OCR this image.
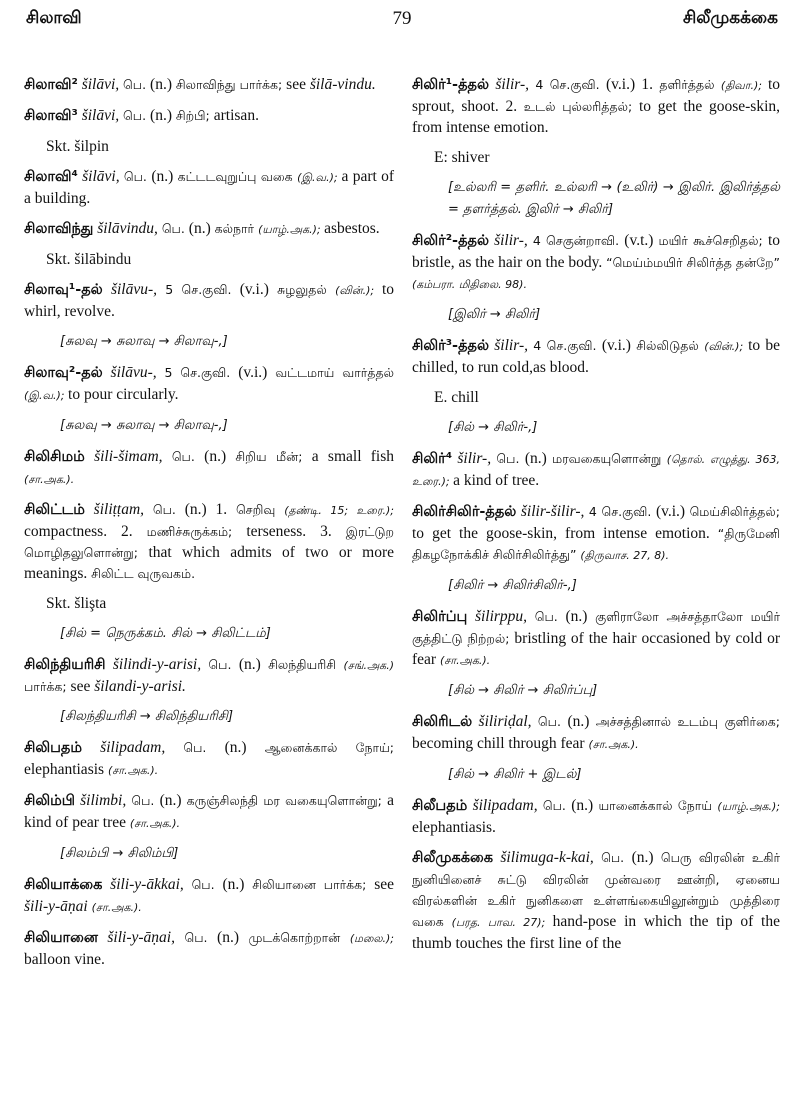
சிலாவி	79	சிலீமுகக்கை
சிலாவி² šilāvi, பெ. (n.) சிலாவிந்து பார்க்க; see šilā-vindu.
சிலாவி³ šilāvi, பெ. (n.) சிற்பி; artisan.
Skt. šilpin
சிலாவி⁴ šilāvi, பெ. (n.) கட்டடவுறுப்பு வகை (இ.வ.); a part of a building.
சிலாவிந்து šilāvindu, பெ. (n.) கல்நார் (யாழ்.அக.); asbestos.
Skt. šilābindu
சிலாவு¹-தல் šilāvu-, 5 செ.குவி. (v.i.) சுழலுதல் (வின்.); to whirl, revolve.
[சுலவு → சுலாவு → சிலாவு-,]
சிலாவு²-தல் šilāvu-, 5 செ.குவி. (v.i.) வட்டமாய் வார்த்தல் (இ.வ.); to pour circularly.
[சுலவு → சுலாவு → சிலாவு-,]
சிலிசிமம் šili-šimam, பெ. (n.) சிறிய மீன்; a small fish (சா.அக.).
சிலிட்டம் šiliṭṭam, பெ. (n.) 1. செறிவு (தண்டி. 15; உரை.); compactness. 2. மணிச்சுருக்கம்; terseness. 3. இரட்டுற மொழிதலுளொன்று; that which admits of two or more meanings. சிலிட்ட வுருவகம்.
Skt. šlişta
[சில் = நெருக்கம். சில் → சிலிட்டம்]
சிலிந்தியரிசி šilindi-y-arisi, பெ. (n.) சிலந்தியரிசி (சங்.அக.) பார்க்க; see šilandi-y-arisi.
[சிலந்தியரிசி → சிலிந்தியரிசி]
சிலிபதம் šilipadam, பெ. (n.) ஆனைக்கால் நோய்; elephantiasis (சா.அக.).
சிலிம்பி šilimbi, பெ. (n.) கருஞ்சிலந்தி மர வகையுளொன்று; a kind of pear tree (சா.அக.).
[சிலம்பி → சிலிம்பி]
சிலியாக்கை šili-y-ākkai, பெ. (n.) சிலியானை பார்க்க; see šili-y-āṇai (சா.அக.).
சிலியானை šili-y-āṇai, பெ. (n.) முடக்கொற்றான் (மலை.); balloon vine.
சிலிர்¹-த்தல் šilir-, 4 செ.குவி. (v.i.) 1. தளிர்த்தல் (திவா.); to sprout, shoot. 2. உடல் புல்லரித்தல்; to get the goose-skin, from intense emotion.
E: shiver
[உல்லரி = தளிர். உல்லரி → (உலிர்) → இலிர். இலிர்த்தல் = தளர்த்தல். இலிர் → சிலிர்]
சிலிர்²-த்தல் šilir-, 4 செகுன்றாவி. (v.t.) மயிர் கூச்செறிதல்; to bristle, as the hair on the body. “மெய்ம்மயிர் சிலிர்த்த தன்றே” (கம்பரா. மிதிலை. 98).
[இலிர் → சிலிர்]
சிலிர்³-த்தல் šilir-, 4 செ.குவி. (v.i.) சில்லிடுதல் (வின்.); to be chilled, to run cold,as blood.
E. chill
[சில் → சிலிர்-,]
சிலிர்⁴ šilir-, பெ. (n.) மரவகையுளொன்று (தொல். எழுத்து. 363, உரை.); a kind of tree.
சிலிர்சிலிர்-த்தல் šilir-šilir-, 4 செ.குவி. (v.i.) மெய்சிலிர்த்தல்; to get the goose-skin, from intense emotion. “திருமேனி திகழநோக்கிச் சிலிர்சிலிர்த்து” (திருவாச. 27, 8).
[சிலிர் → சிலிர்சிலிர்-,]
சிலிர்ப்பு šilirppu, பெ. (n.) குளிராலோ அச்சத்தாலோ மயிர் குத்திட்டு நிற்றல்; bristling of the hair occasioned by cold or fear (சா.அக.).
[சில் → சிலிர் → சிலிர்ப்பு]
சிலிரிடல் šiliriḍal, பெ. (n.) அச்சத்தினால் உடம்பு குளிர்கை; becoming chill through fear (சா.அக.).
[சில் → சிலிர் + இடல்]
சிலீபதம் šilipadam, பெ. (n.) யானைக்கால் நோய் (யாழ்.அக.); elephantiasis.
சிலீமுகக்கை šilimuga-k-kai, பெ. (n.) பெரு விரலின் உகிர் நுனியினைச் சுட்டு விரலின் முன்வரை ஊன்றி, ஏனைய விரல்களின் உகிர் நுனிகளை உள்ளங்கையிலூன்றும் முத்திரை வகை (பரத. பாவ. 27); hand-pose in which the tip of the thumb touches the first line of the
